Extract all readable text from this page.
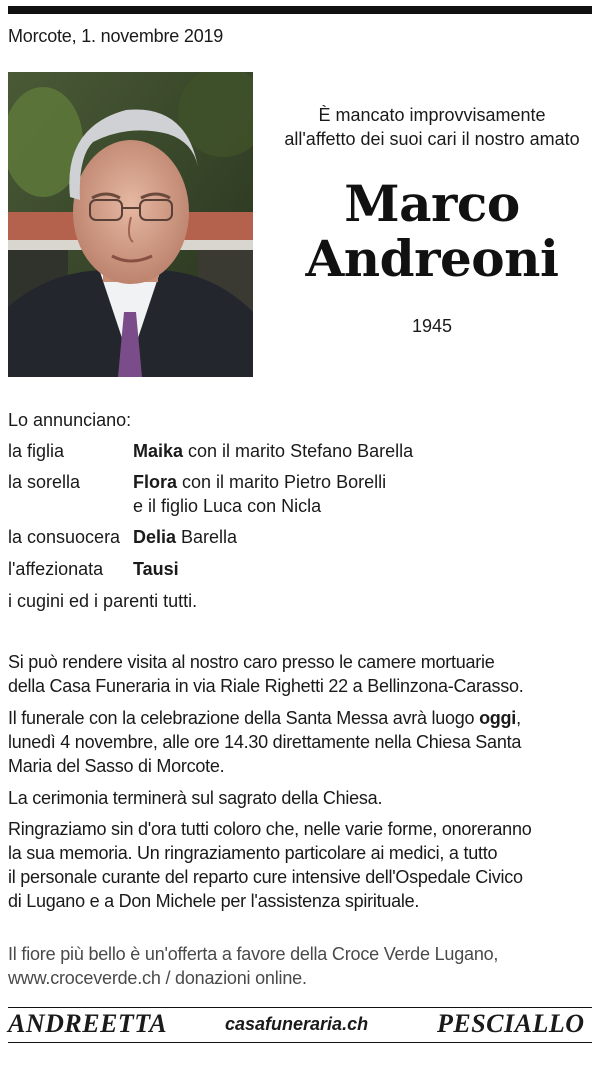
Morcote, 1. novembre 2019
È mancato improvvisamente
all'affetto dei suoi cari il nostro amato
Marco
Andreoni
1945
Lo annunciano:
la figlia	Maika con il marito Stefano Barella
la sorella	Flora con il marito Pietro Borelli
e il figlio Luca con Nicla
la consuocera Delia Barella
l'affezionata	Tausi
i cugini ed i parenti tutti.
Si può rendere visita al nostro caro presso le camere mortuarie
della Casa Funeraria in via Riale Righetti 22 a Bellinzona-Carasso.
Il funerale con la celebrazione della Santa Messa avrà luogo oggi,
lunedì 4 novembre, alle ore 14.30 direttamente nella Chiesa Santa
Maria del Sasso di Morcote.
La cerimonia terminerà sul sagrato della Chiesa.
Ringraziamo sin d'ora tutti coloro che, nelle varie forme, onoreranno
la sua memoria. Un ringraziamento particolare ai medici, a tutto
il personale curante del reparto cure intensive dell'Ospedale Civico
di Lugano e a Don Michele per l'assistenza spirituale.
Il fiore più bello è un'offerta a favore della Croce Verde Lugano,
www.croceverde.ch / donazioni online.
ANDREETTA	casafuneraria.ch	PESCIALLO
